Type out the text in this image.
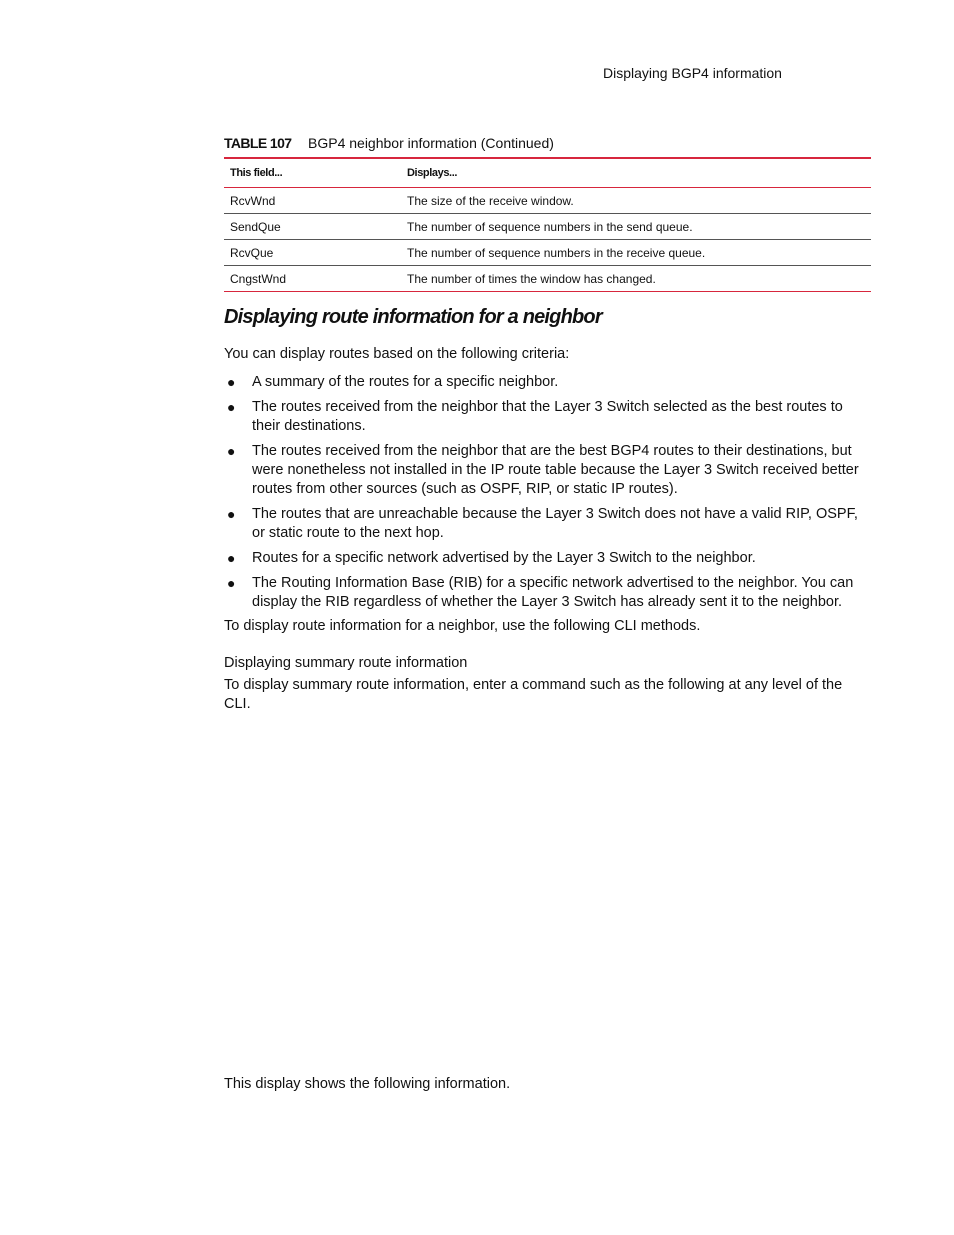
Displaying BGP4 information
TABLE 107 BGP4 neighbor information (Continued)
This field...	Displays...
RcvWnd	The size of the receive window.
SendQue	The number of sequence numbers in the send queue.
RcvQue	The number of sequence numbers in the receive queue.
CngstWnd	The number of times the window has changed.
Displaying route information for a neighbor
You can display routes based on the following criteria:
● A summary of the routes for a specific neighbor.
● The routes received from the neighbor that the Layer 3 Switch selected as the best routes to their destinations.
● The routes received from the neighbor that are the best BGP4 routes to their destinations, but were nonetheless not installed in the IP route table because the Layer 3 Switch received better routes from other sources (such as OSPF, RIP, or static IP routes).
● The routes that are unreachable because the Layer 3 Switch does not have a valid RIP, OSPF, or static route to the next hop.
● Routes for a specific network advertised by the Layer 3 Switch to the neighbor.
● The Routing Information Base (RIB) for a specific network advertised to the neighbor. You can display the RIB regardless of whether the Layer 3 Switch has already sent it to the neighbor.
To display route information for a neighbor, use the following CLI methods.
Displaying summary route information
To display summary route information, enter a command such as the following at any level of the CLI.
This display shows the following information.
